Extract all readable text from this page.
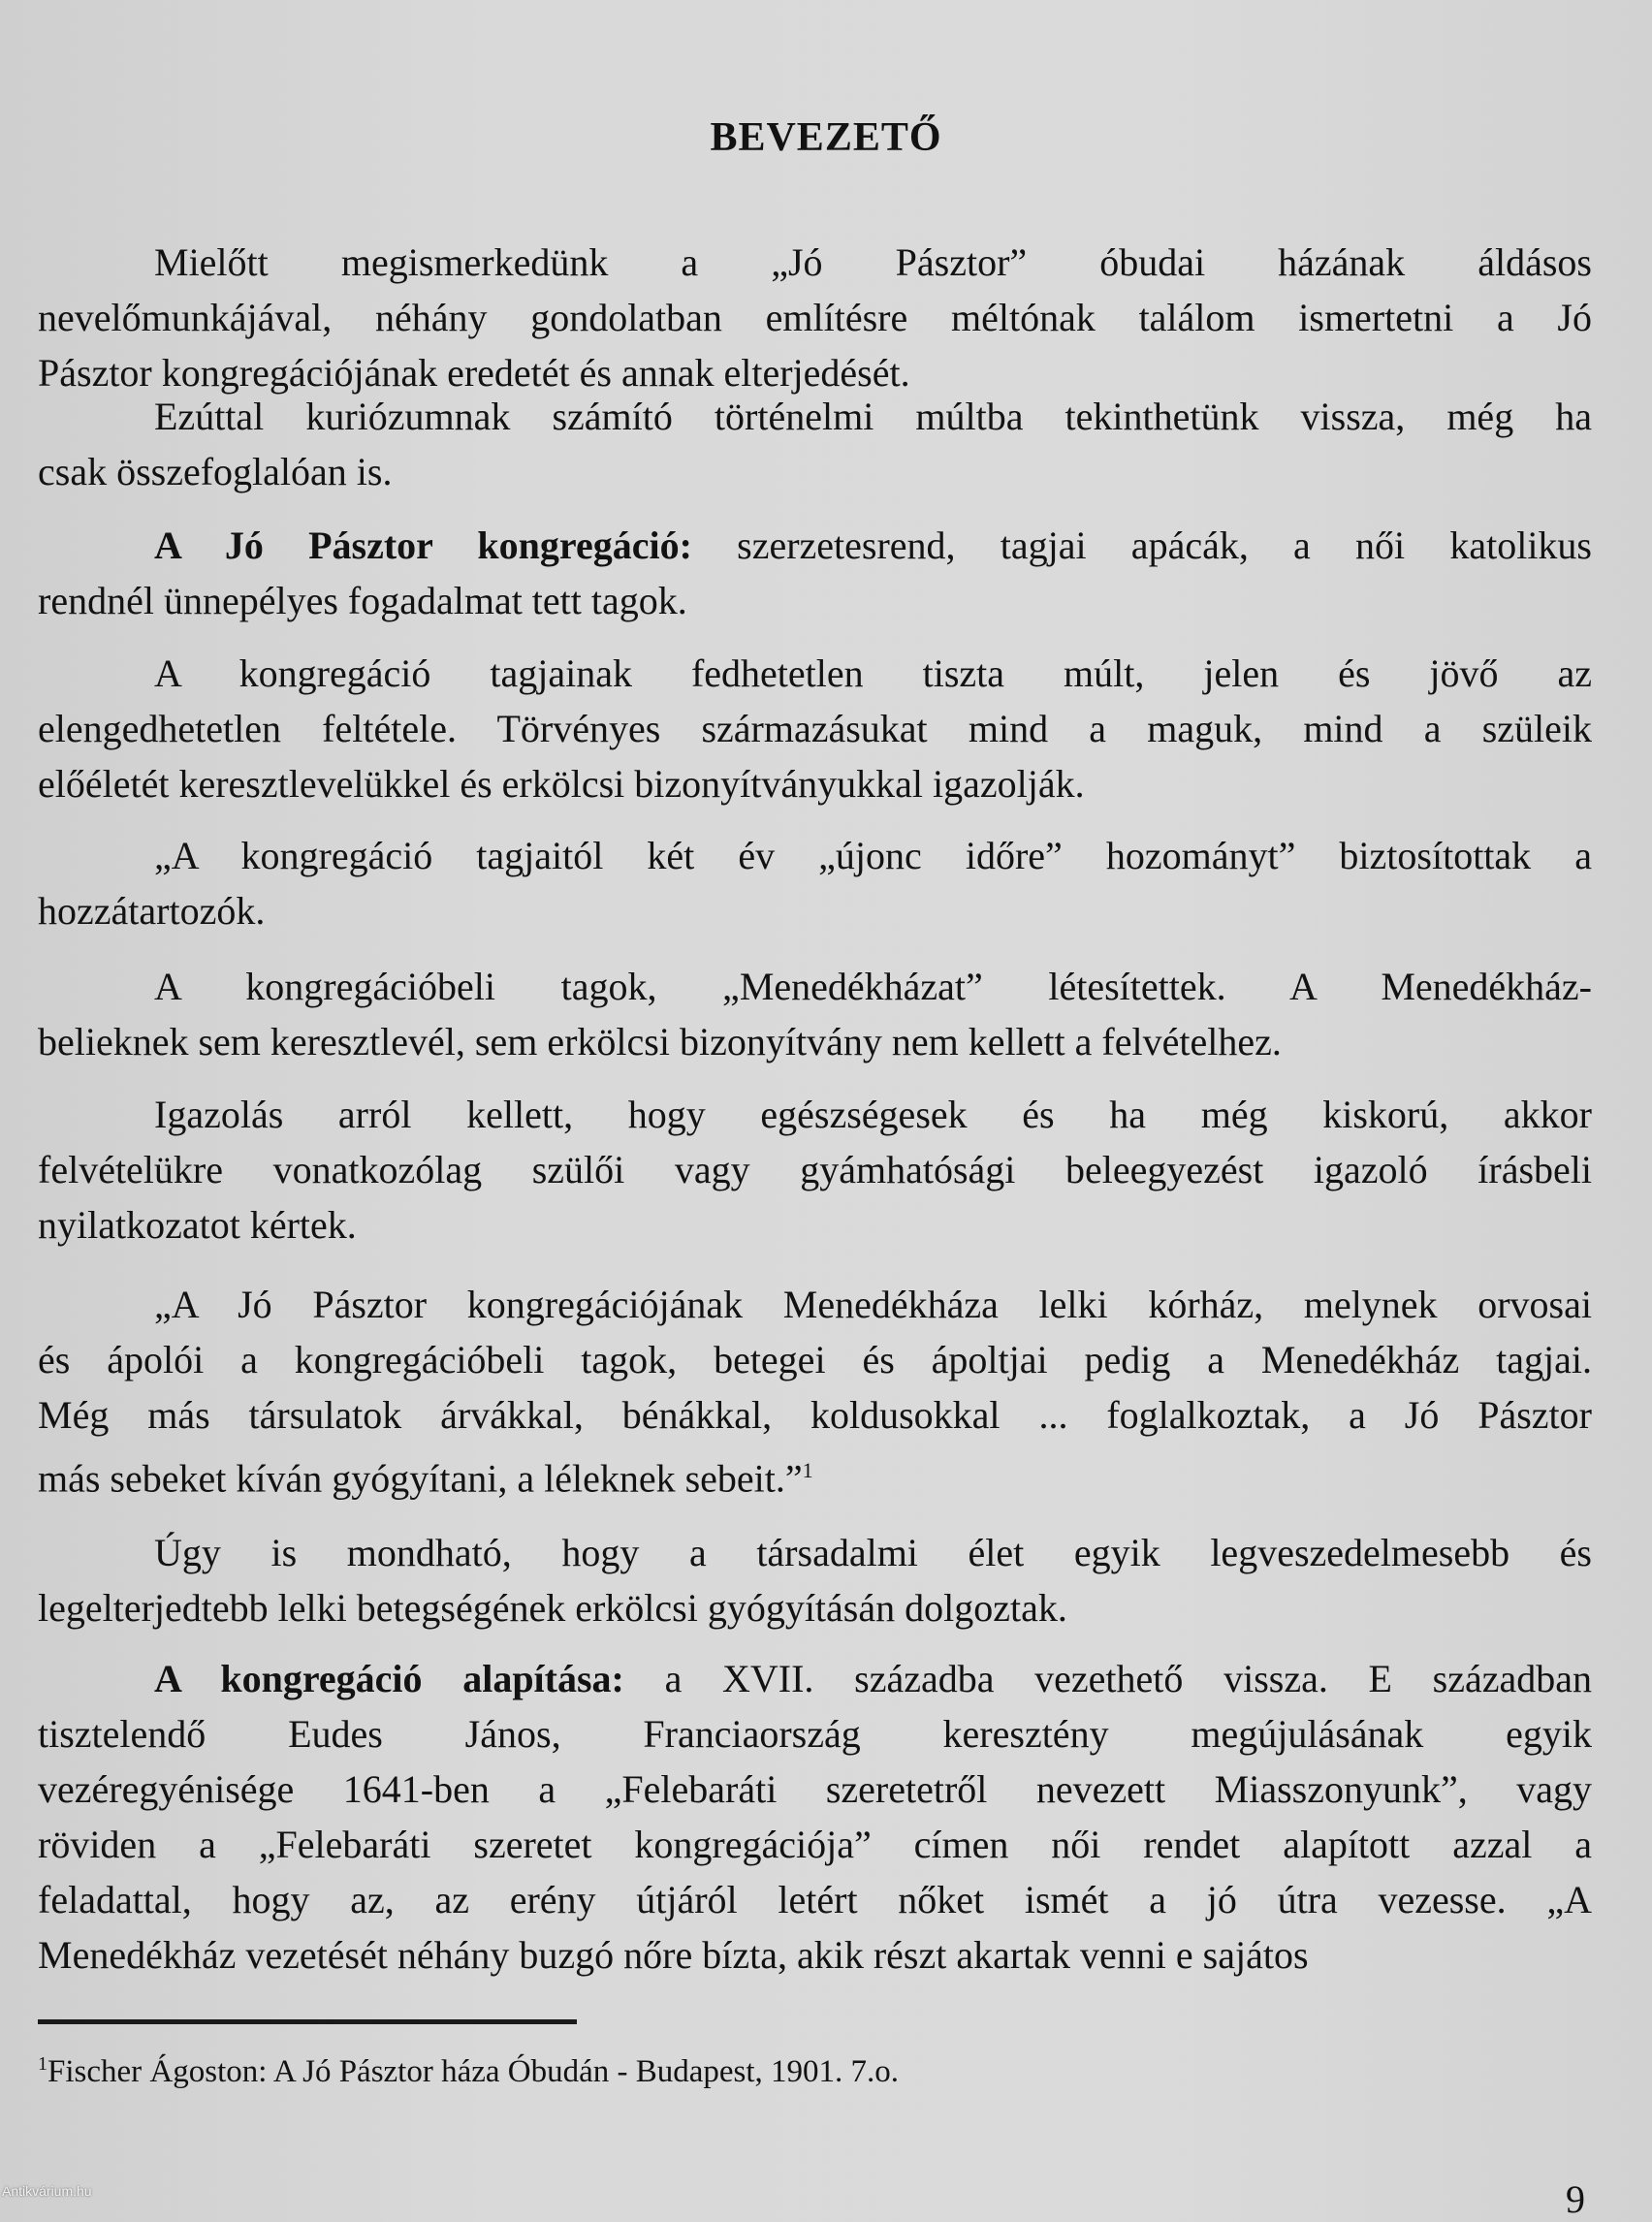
BEVEZETŐ
Mielőtt megismerkedünk a „Jó Pásztor” óbudai házának áldásos
nevelőmunkájával, néhány gondolatban említésre méltónak találom ismertetni a Jó
Pásztor kongregációjának eredetét és annak elterjedését.
Ezúttal kuriózumnak számító történelmi múltba tekinthetünk vissza, még ha
csak összefoglalóan is.
A Jó Pásztor kongregáció: szerzetesrend, tagjai apácák, a női katolikus
rendnél ünnepélyes fogadalmat tett tagok.
A kongregáció tagjainak fedhetetlen tiszta múlt, jelen és jövő az
elengedhetetlen feltétele. Törvényes származásukat mind a maguk, mind a szüleik
előéletét keresztlevelükkel és erkölcsi bizonyítványukkal igazolják.
„A kongregáció tagjaitól két év „újonc időre” hozományt” biztosítottak a
hozzátartozók.
A kongregációbeli tagok, „Menedékházat” létesítettek. A Menedékház-
belieknek sem keresztlevél, sem erkölcsi bizonyítvány nem kellett a felvételhez.
Igazolás arról kellett, hogy egészségesek és ha még kiskorú, akkor
felvételükre vonatkozólag szülői vagy gyámhatósági beleegyezést igazoló írásbeli
nyilatkozatot kértek.
„A Jó Pásztor kongregációjának Menedékháza lelki kórház, melynek orvosai
és ápolói a kongregációbeli tagok, betegei és ápoltjai pedig a Menedékház tagjai.
Még más társulatok árvákkal, bénákkal, koldusokkal ... foglalkoztak, a Jó Pásztor
más sebeket kíván gyógyítani, a léleknek sebeit.”$^1$
Úgy is mondható, hogy a társadalmi élet egyik legveszedelmesebb és
legelterjedtebb lelki betegségének erkölcsi gyógyításán dolgoztak.
A kongregáció alapítása: a XVII. századba vezethető vissza. E században
tisztelendő Eudes János, Franciaország keresztény megújulásának egyik
vezéregyénisége 1641-ben a „Felebaráti szeretetről nevezett Miasszonyunk”, vagy
röviden a „Felebaráti szeretet kongregációja” címen női rendet alapított azzal a
feladattal, hogy az, az erény útjáról letért nőket ismét a jó útra vezesse. „A
Menedékház vezetését néhány buzgó nőre bízta, akik részt akartak venni e sajátos
$^1$Fischer Ágoston: A Jó Pásztor háza Óbudán - Budapest, 1901. 7.o.
9
Antikvárium.hu
